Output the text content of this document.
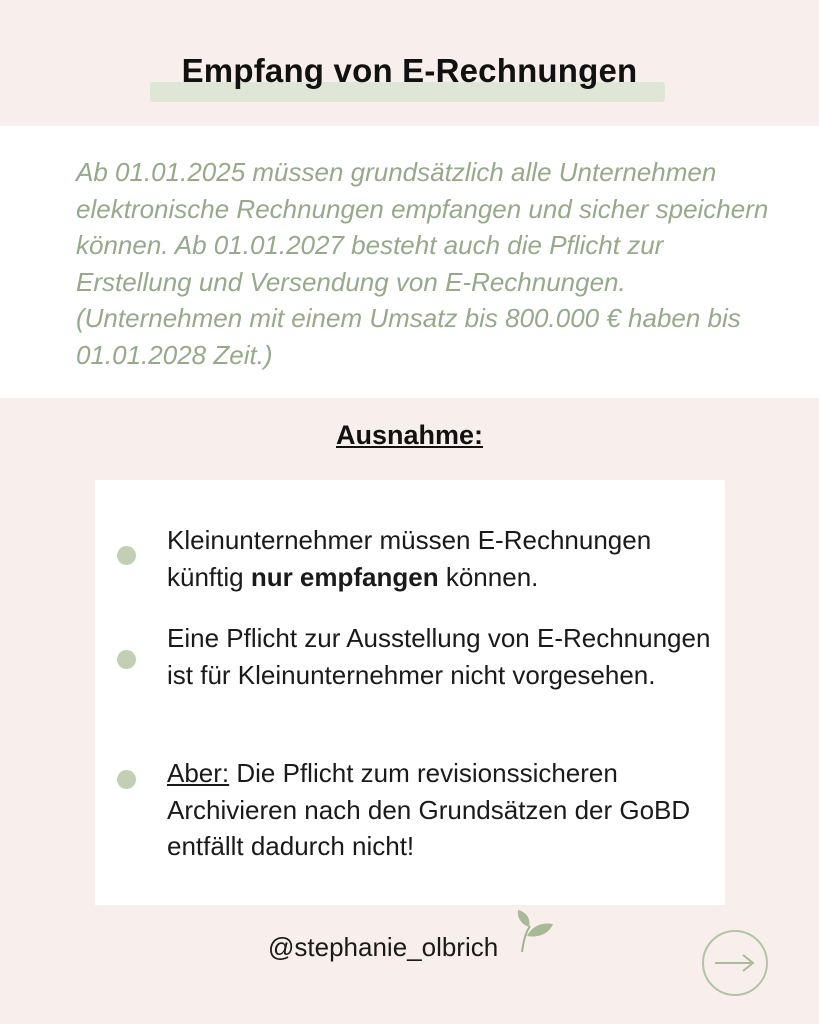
Empfang von E-Rechnungen

Ab 01.01.2025 müssen grundsätzlich alle Unternehmen elektronische Rechnungen empfangen und sicher speichern können. Ab 01.01.2027 besteht auch die Pflicht zur Erstellung und Versendung von E-Rechnungen. (Unternehmen mit einem Umsatz bis 800.000 € haben bis 01.01.2028 Zeit.)

Ausnahme:
Kleinunternehmer müssen E-Rechnungen künftig nur empfangen können.
Eine Pflicht zur Ausstellung von E-Rechnungen ist für Kleinunternehmer nicht vorgesehen.
Aber: Die Pflicht zum revisionssicheren Archivieren nach den Grundsätzen der GoBD entfällt dadurch nicht!
@stephanie_olbrich
